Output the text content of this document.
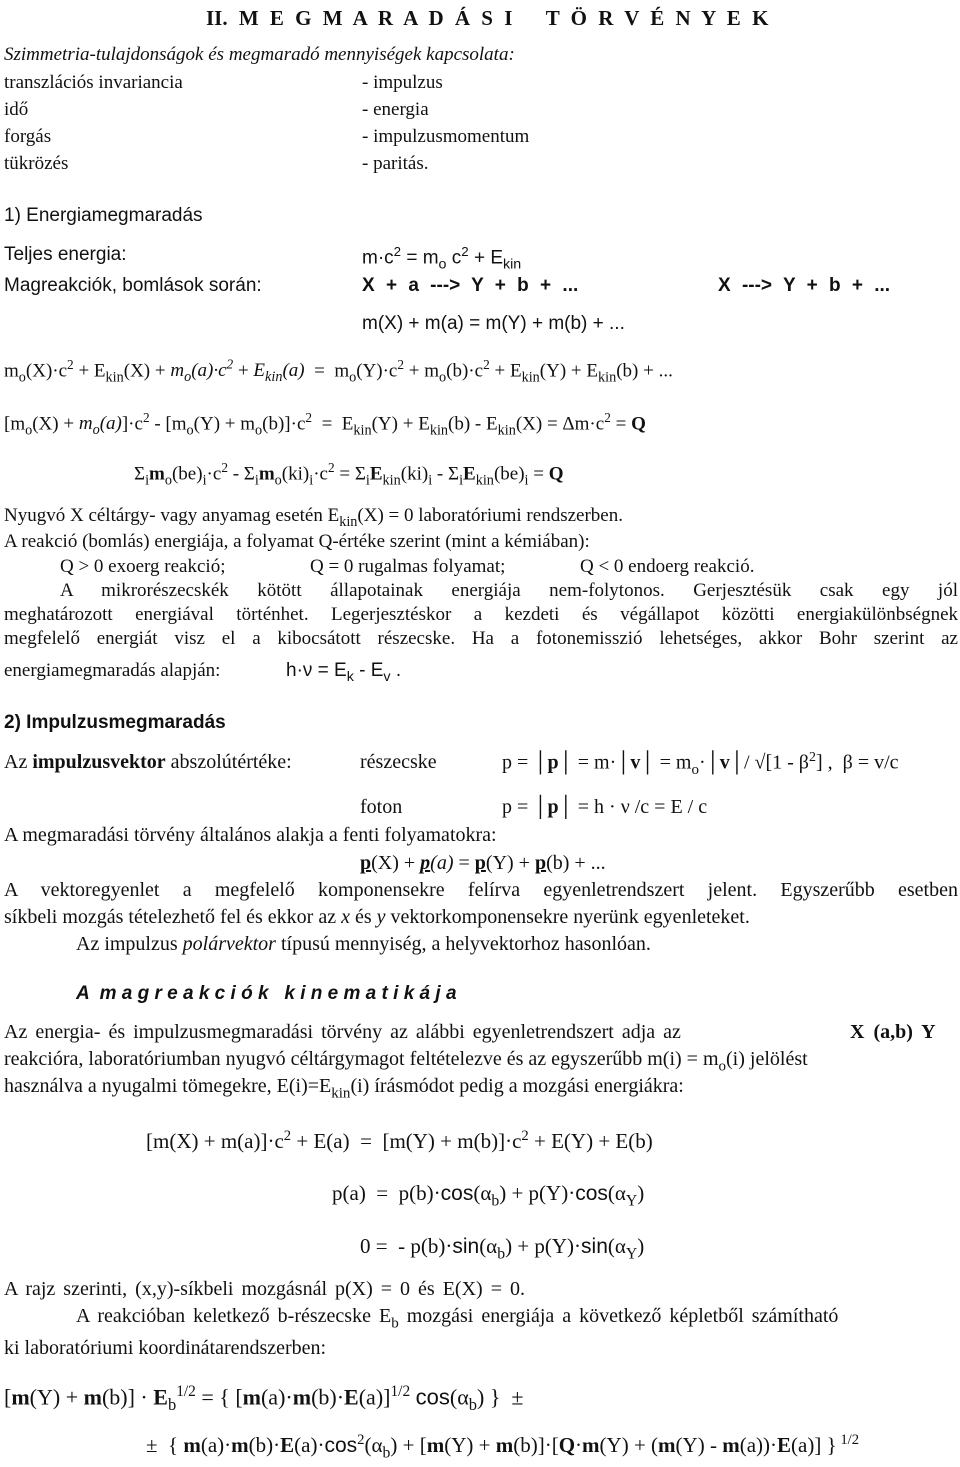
II. M E G M A R A D Á S I   T Ö R V É N Y E K
Szimmetria-tulajdonságok és megmaradó mennyiségek kapcsolata:
transzlációs invariancia	- impulzus
idő	- energia
forgás	- impulzusmomentum
tükrözés	- paritás.
1) Energiamegmaradás
Teljes energia:	$m\cdot c^2 = m_o$ $c^2 + E_{kin}$
Magreakciók, bomlások során:	X + a ---> Y + b + ...	X ---> Y + b + ...
m(X) + m(a) = m(Y) + m(b) + ...
$m_o(X)\cdot c^2 + E_{kin}(X) + m_o(a)\cdot c^2 + E_{kin}(a) = m_o(Y)\cdot c^2 + m_o(b)\cdot c^2 + E_{kin}(Y) + E_{kin}(b)$ + ...
$[m_o(X) + m_o(a)]\cdot c^2 - [m_o(Y) + m_o(b)]\cdot c^2 = E_{kin}(Y) + E_{kin}(b) - E_{kin}(X) = \Delta m\cdot c^2 = Q$
$\Sigma_im_o(be)_i\cdot c^2 - \Sigma_im_o(ki)_i\cdot c^2 = \Sigma_iE_{kin}(ki)_i - \Sigma_iE_{kin}(be)_i = Q$
Nyugvó X céltárgy- vagy anyamag esetén $E_{kin}(X) = 0$ laboratóriumi rendszerben.
A reakció (bomlás) energiája, a folyamat Q-értéke szerint (mint a kémiában):
Q > 0 exoerg reakció;	Q = 0 rugalmas folyamat;	Q < 0 endoerg reakció.
A mikrorészecskék kötött állapotainak energiája nem-folytonos. Gerjesztésük csak egy jól
meghatározott energiával történhet. Legerjesztéskor a kezdeti és végállapot közötti energiakülönbségnek
megfelelő energiát visz el a kibocsátott részecske. Ha a fotonemisszió lehetséges, akkor Bohr szerint az
energiamegmaradás alapján:	$h\cdot\nu = E_k - E_v$ .
2) Impulzusmegmaradás
Az impulzusvektor abszolútértéke:	részecske	p = │p│ = m·│v│ = $m_o\cdot│v│/$ $√[1 - \beta^2]$ ,  β = v/c
foton	p = │p│ = h · ν /c = E / c
A megmaradási törvény általános alakja a fenti folyamatokra:
p(X) + p(a) = p(Y) + p(b) + ...
A vektoregyenlet a megfelelő komponensekre felírva egyenletrendszert jelent. Egyszerűbb esetben
síkbeli mozgás tételezhető fel és ekkor az x és y vektorkomponensekre nyerünk egyenleteket.
Az impulzus polárvektor típusú mennyiség, a helyvektorhoz hasonlóan.
A  m a g r e a k c i ó k   k i n e m a t i k á j a
Az energia- és impulzusmegmaradási törvény az alábbi egyenletrendszert adja az	X (a,b) Y
reakcióra, laboratóriumban nyugvó céltárgymagot feltételezve és az egyszerűbb $m(i) = m_o(i)$ jelölést
használva a nyugalmi tömegekre, $E(i)=E_{kin}(i)$ írásmódot pedig a mozgási energiákra:
$[m(X) + m(a)]\cdot c^2 + E(a) = [m(Y) + m(b)]\cdot c^2 + E(Y) + E(b)$
$p(a) = p(b)\cdot\cos(\alpha_b) + p(Y)\cdot\cos(\alpha_Y)$
0 =  - $p(b)\cdot\sin(\alpha_b) + p(Y)\cdot\sin(\alpha_Y)$
A rajz szerinti, (x,y)-síkbeli mozgásnál p(X) = 0 és E(X) = 0.
A reakcióban keletkező b-részecske $E_b$ mozgási energiája a következő képletből számítható
ki laboratóriumi koordinátarendszerben:
$[m(Y) + m(b)] \cdot E_b^{1/2}$ = { $[m(a)\cdot m(b)\cdot E(a)]^{1/2}$ $\cos(\alpha_b)$ }  ±
±  { $m(a)\cdot m(b)\cdot E(a)\cdot\cos^2(\alpha_b) + [m(Y) + m(b)]\cdot[Q\cdot m(Y) + (m(Y) - m(a))\cdot E(a)]$ } $^{1/2}$
